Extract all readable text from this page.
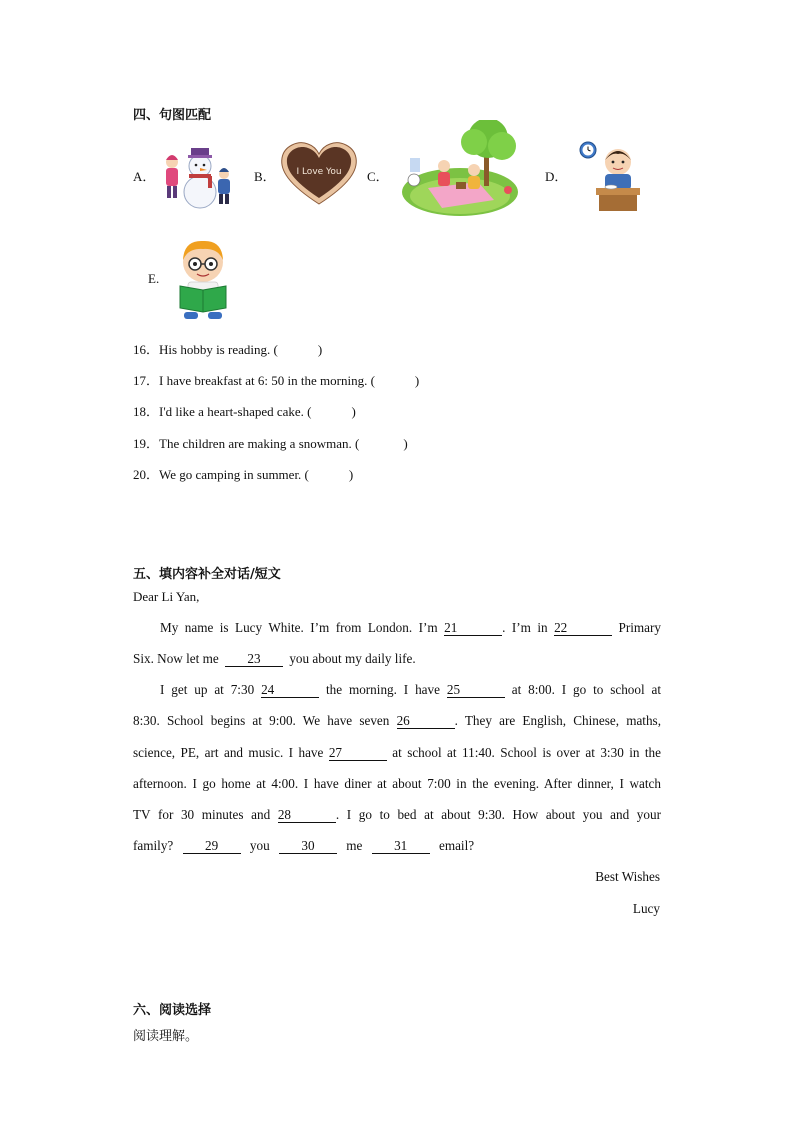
四、句图匹配
A．	B．	C．	D．
E.
I Love You
16．His hobby is reading. (	)
17．I have breakfast at 6: 50 in the morning. (	)
18．I'd like a heart-shaped cake. (	)
19．The children are making a snowman. (	)
20．We go camping in summer. (	)
五、填内容补全对话/短文
Dear Li Yan,
My name is Lucy White. I’m from London. I’m 21	. I’m in 22	Primary
Six. Now let me 23 you about my daily life.
I get up at 7:30 24	the morning. I have 25	at 8:00. I go to school at
8:30. School begins at 9:00. We have seven 26	. They are English, Chinese, maths,
science, PE, art and music. I have 27	at school at 11:40. School is over at 3:30 in the
afternoon. I go home at 4:00. I have diner at about 7:00 in the evening. After dinner, I watch
TV for 30 minutes and 28	. I go to bed at about 9:30. How about you and your
family? 29 you 30 me 31 email?
Best Wishes
Lucy
六、阅读选择
阅读理解。
